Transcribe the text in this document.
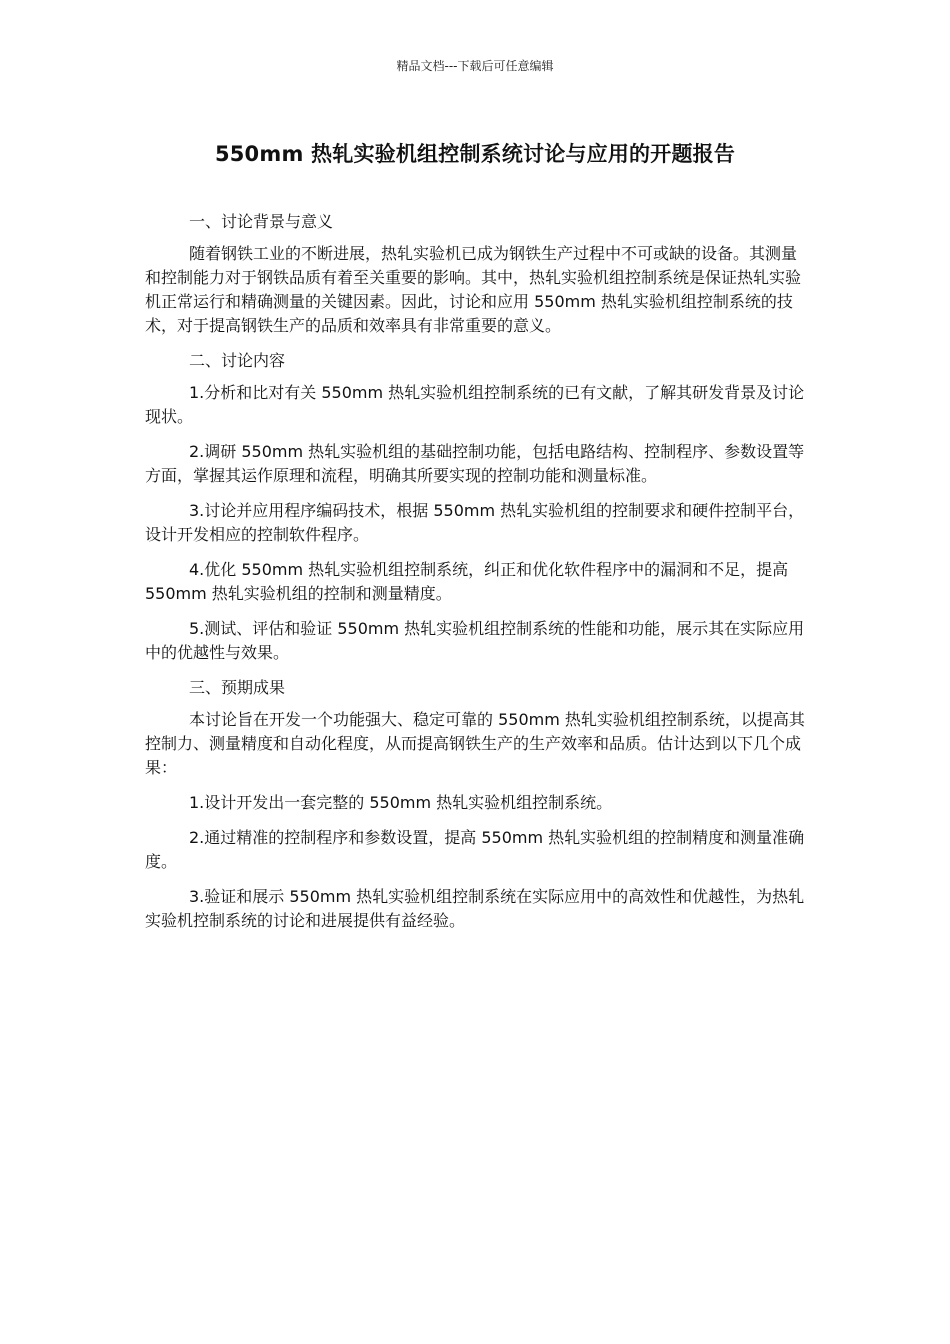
精品文档---下载后可任意编辑
550mm 热轧实验机组控制系统讨论与应用的开题报告

一、讨论背景与意义

随着钢铁工业的不断进展，热轧实验机已成为钢铁生产过程中不可或缺的设备。其测量和控制能力对于钢铁品质有着至关重要的影响。其中，热轧实验机组控制系统是保证热轧实验机正常运行和精确测量的关键因素。因此，讨论和应用 550mm 热轧实验机组控制系统的技术，对于提高钢铁生产的品质和效率具有非常重要的意义。

二、讨论内容

1.分析和比对有关 550mm 热轧实验机组控制系统的已有文献，了解其研发背景及讨论现状。

2.调研 550mm 热轧实验机组的基础控制功能，包括电路结构、控制程序、参数设置等方面，掌握其运作原理和流程，明确其所要实现的控制功能和测量标准。

3.讨论并应用程序编码技术，根据 550mm 热轧实验机组的控制要求和硬件控制平台，设计开发相应的控制软件程序。

4.优化 550mm 热轧实验机组控制系统，纠正和优化软件程序中的漏洞和不足，提高 550mm 热轧实验机组的控制和测量精度。

5.测试、评估和验证 550mm 热轧实验机组控制系统的性能和功能，展示其在实际应用中的优越性与效果。

三、预期成果

本讨论旨在开发一个功能强大、稳定可靠的 550mm 热轧实验机组控制系统，以提高其控制力、测量精度和自动化程度，从而提高钢铁生产的生产效率和品质。估计达到以下几个成果：

1.设计开发出一套完整的 550mm 热轧实验机组控制系统。

2.通过精准的控制程序和参数设置，提高 550mm 热轧实验机组的控制精度和测量准确度。

3.验证和展示 550mm 热轧实验机组控制系统在实际应用中的高效性和优越性，为热轧实验机控制系统的讨论和进展提供有益经验。
